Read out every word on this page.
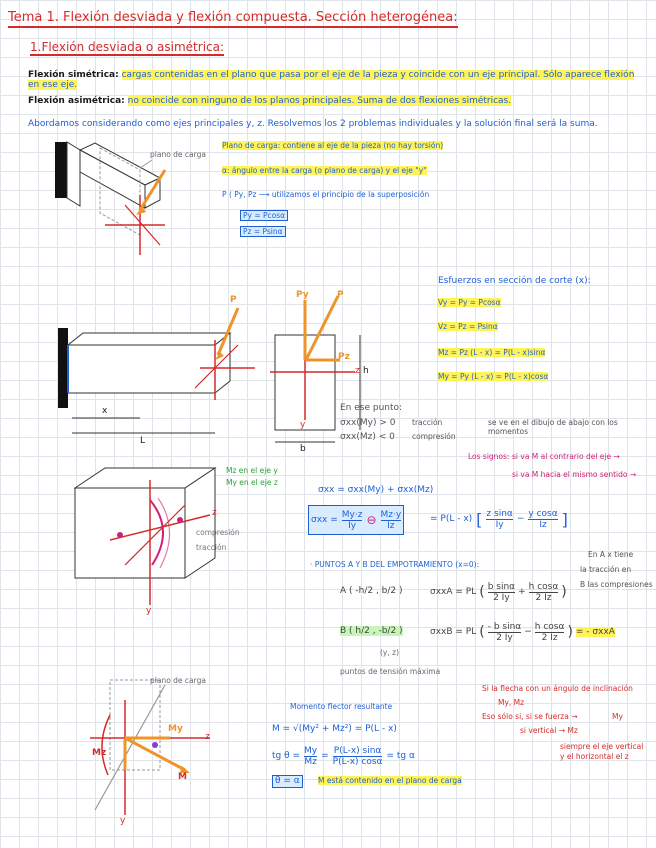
Tema 1. Flexión desviada y flexión compuesta. Sección heterogénea:
1.Flexión desviada o asimétrica:
Flexión simétrica: cargas contenidas en el plano que pasa por el eje de la pieza y coincide con un eje principal. Sólo aparece flexión en ese eje.
Flexión asimétrica: no coincide con ninguno de los planos principales. Suma de dos flexiones simétricas.
Abordamos considerando como ejes principales y, z. Resolvemos los 2 problemas individuales y la solución final será la suma.
plano de carga
Plano de carga: contiene al eje de la pieza (no hay torsión)
α: ángulo entre la carga (o plano de carga) y el eje "y"
P ⟨ Py, Pz ⟶ utilizamos el principio de la superposición
Py = Pcosα
Pz = Psinα
P	Py	P
Pz
x
L
h
b
y
z
Esfuerzos en sección de corte (x):
Vy = Py = Pcosα
Vz = Pz = Psinα
Mz = Pz (L - x) = P(L - x)sinα
My = Py (L - x) = P(L - x)cosα
En ese punto:
σxx(My) > 0
σxx(Mz) < 0
tracción
compresión
se ve en el dibujo de abajo con los momentos
z
y
compresión
tracción
Mz en el eje y
My en el eje z
Los signos: si va M al contrario del eje →
si va M hacia el mismo sentido →
σxx = σxx(My) + σxx(Mz)
$\sigma xx = \frac{My\cdot z}{Iy}$ ⊖ $\frac{Mz\cdot y}{Iz}$	= P(L - x) [ $\frac{\text{z sinα}}{Iy} - \frac{\text{y cosα}}{Iz}$ ]
· PUNTOS A Y B DEL EMPOTRAMIENTO (x=0):
En A x tiene
la tracción en
B las compresiones
A ( -h/2 , b/2 )	σxxA = PL ( $\frac{\text{b sinα}}{2 Iy} + \frac{\text{h cosα}}{2 Iz}$ )
B ( h/2 , -b/2 )	σxxB = PL ( $\frac{\text{- b sinα}}{2 Iy} - \frac{\text{h cosα}}{2 Iz}$ ) = - σxxA
(y, z)
puntos de tensión máxima
plano de carga
z
y
M
My
Mz
Momento flector resultante
M = √(My² + Mz²) = P(L - x)
tg $\theta = \frac{My}{Mz} = \frac{P(L-x) \sin\alpha}{P(L-x) \cos\alpha}$ = tg α
θ = α	M está contenido en el plano de carga
Si la flecha con un ángulo de inclinación
My, Mz
Eso sólo si, si se fuerza →	My
si vertical → Mz
siempre el eje vertical y el horizontal el z
